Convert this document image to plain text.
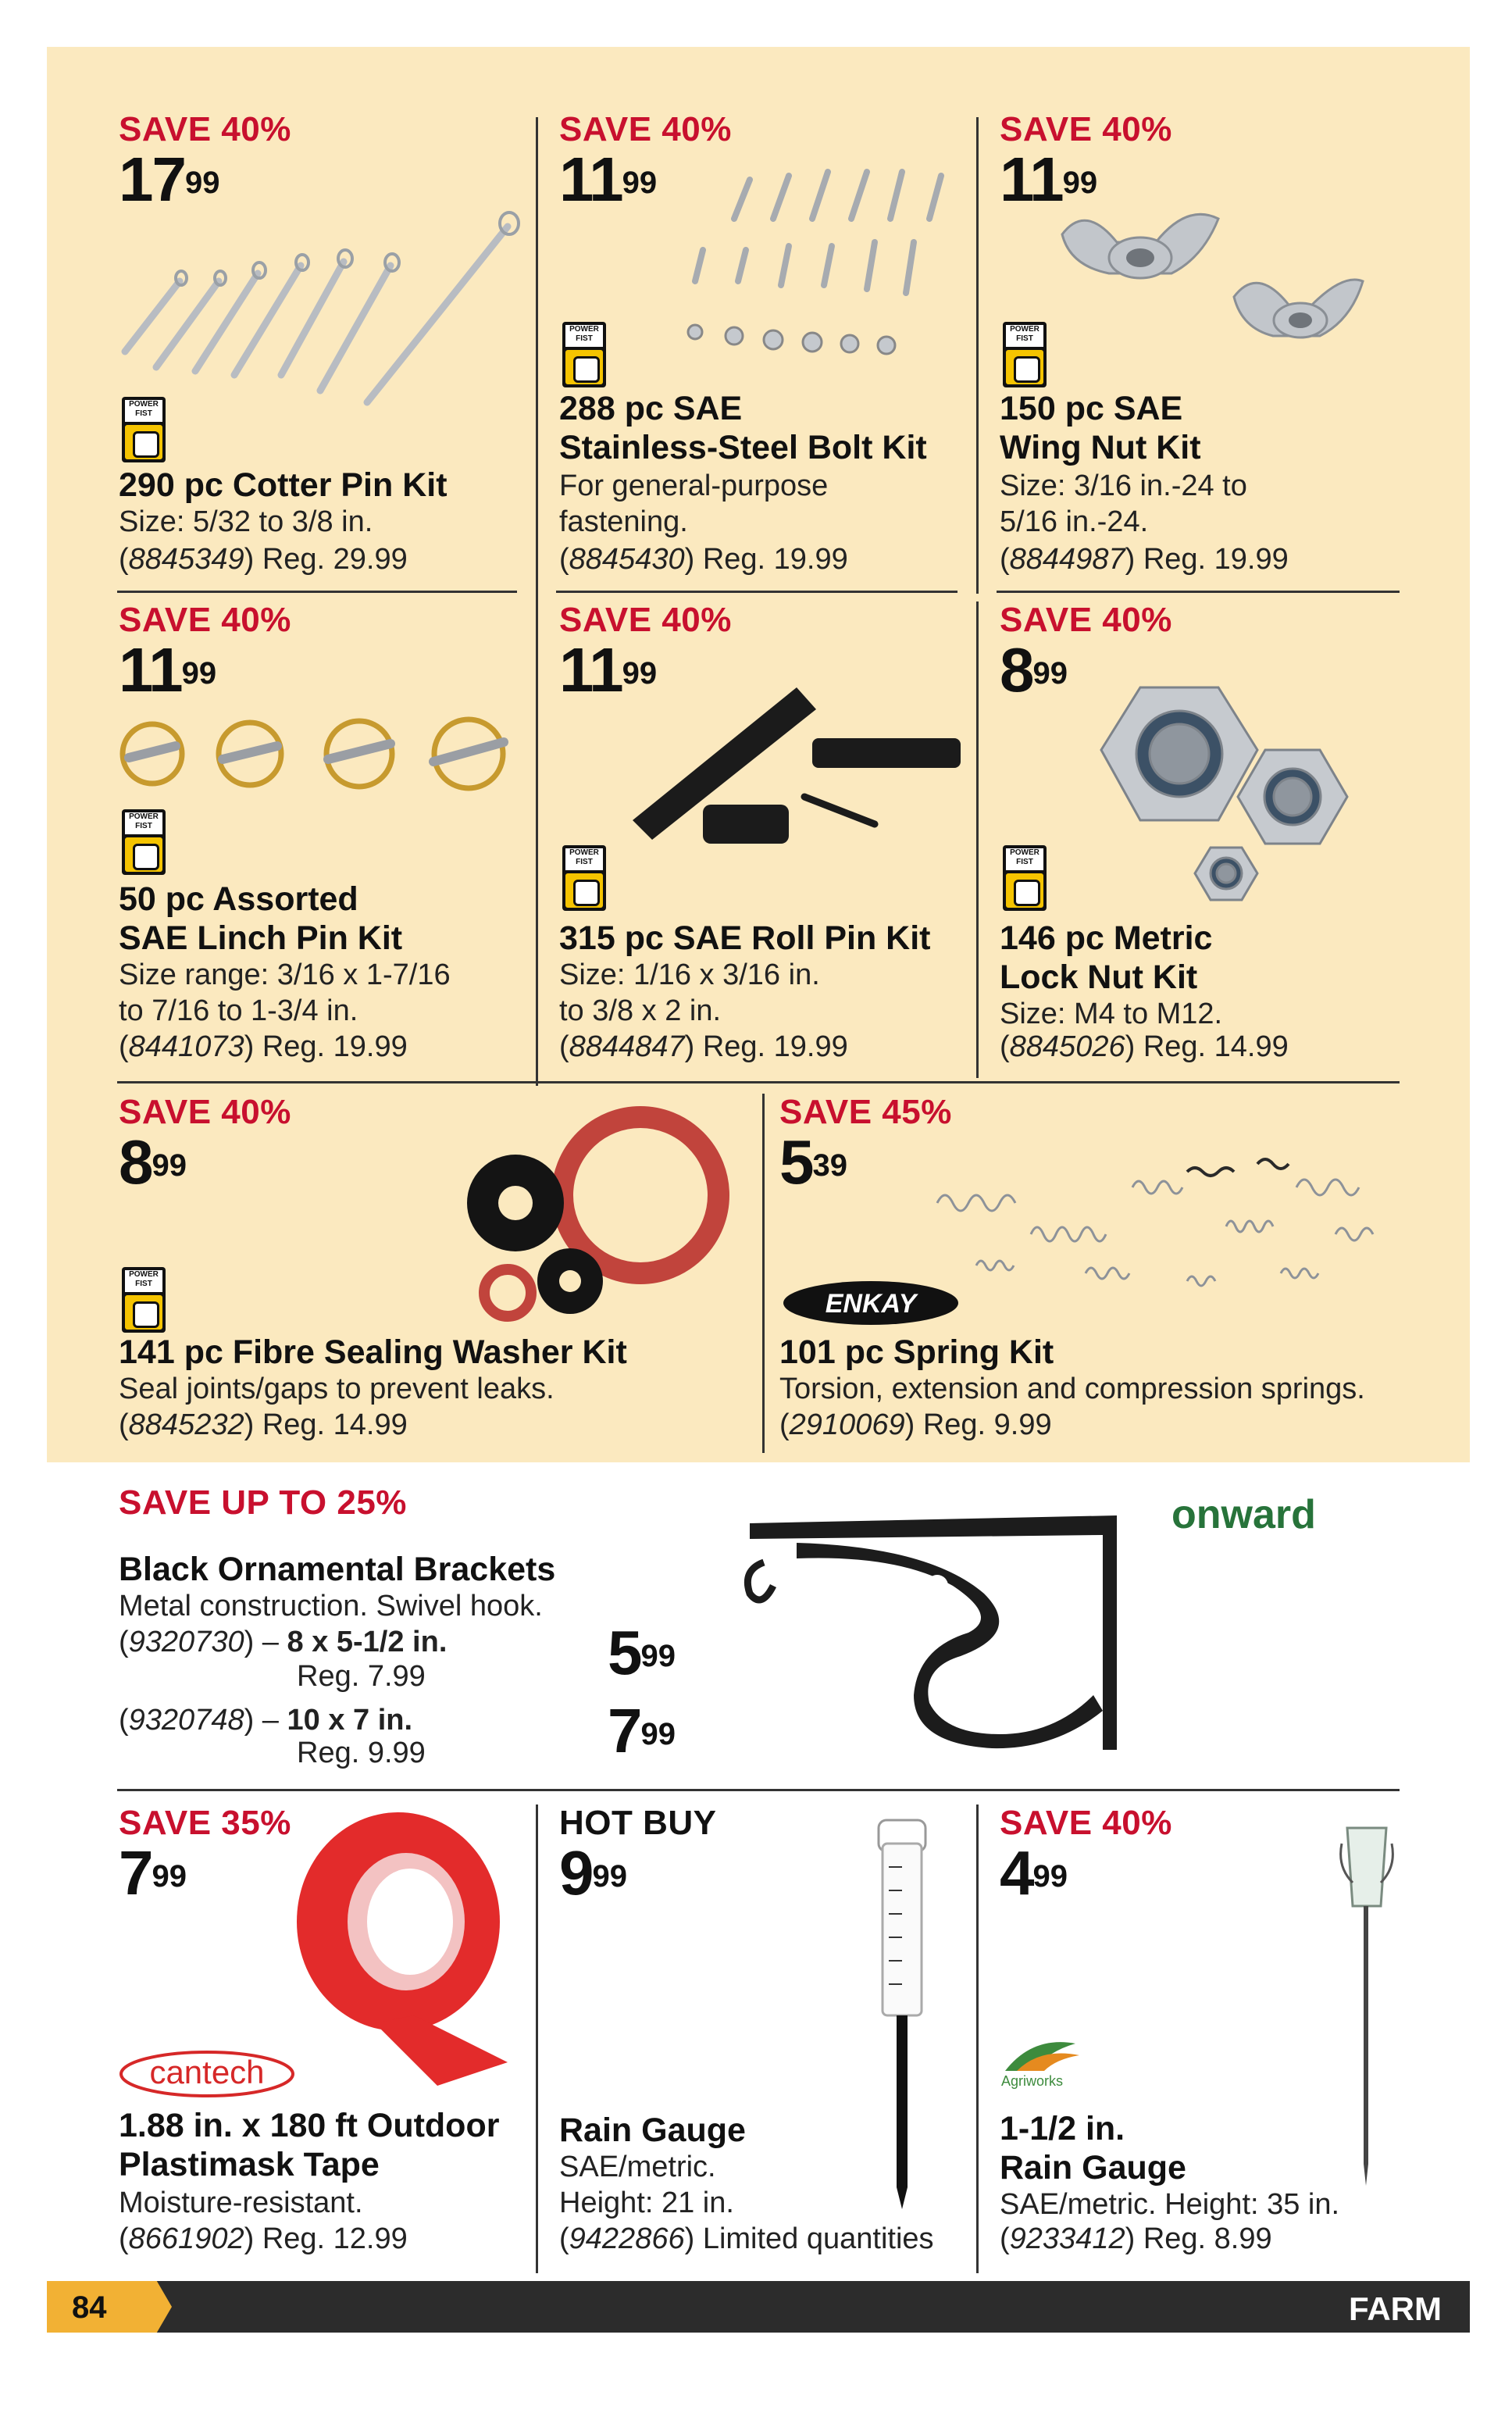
SAVE 40%
$17^{99}$
290 pc Cotter Pin Kit
Size: 5/32 to 3/8 in.
(8845349) Reg. 29.99
POWER FIST
SAVE 40%
$11^{99}$
288 pc SAE
Stainless-Steel Bolt Kit
For general-purpose
fastening.
(8845430) Reg. 19.99
POWER FIST
SAVE 40%
$11^{99}$
150 pc SAE
Wing Nut Kit
Size: 3/16 in.-24 to
5/16 in.-24.
(8844987) Reg. 19.99
POWER FIST
SAVE 40%
$11^{99}$
50 pc Assorted
SAE Linch Pin Kit
Size range: 3/16 x 1-7/16
to 7/16 to 1-3/4 in.
(8441073) Reg. 19.99
POWER FIST
SAVE 40%
$11^{99}$
315 pc SAE Roll Pin Kit
Size: 1/16 x 3/16 in.
to 3/8 x 2 in.
(8844847) Reg. 19.99
POWER FIST
SAVE 40%
$8^{99}$
146 pc Metric
Lock Nut Kit
Size: M4 to M12.
(8845026) Reg. 14.99
POWER FIST
SAVE 40%
$8^{99}$
141 pc Fibre Sealing Washer Kit
Seal joints/gaps to prevent leaks.
(8845232) Reg. 14.99
POWER FIST
SAVE 45%
$5^{39}$
101 pc Spring Kit
Torsion, extension and compression springs.
(2910069) Reg. 9.99
ENKAY
SAVE UP TO 25%
Black Ornamental Brackets
Metal construction. Swivel hook.
(9320730) – 8 x 5-1/2 in.
Reg. 7.99	$5^{99}$
(9320748) – 10 x 7 in.
Reg. 9.99	$7^{99}$
onward
SAVE 35%
$7^{99}$
1.88 in. x 180 ft Outdoor
Plastimask Tape
Moisture-resistant.
(8661902) Reg. 12.99
cantech
HOT BUY
$9^{99}$
Rain Gauge
SAE/metric.
Height: 21 in.
(9422866) Limited quantities
SAVE 40%
$4^{99}$
1-1/2 in.
Rain Gauge
SAE/metric. Height: 35 in.
(9233412) Reg. 8.99
Agriworks
84	FARM
